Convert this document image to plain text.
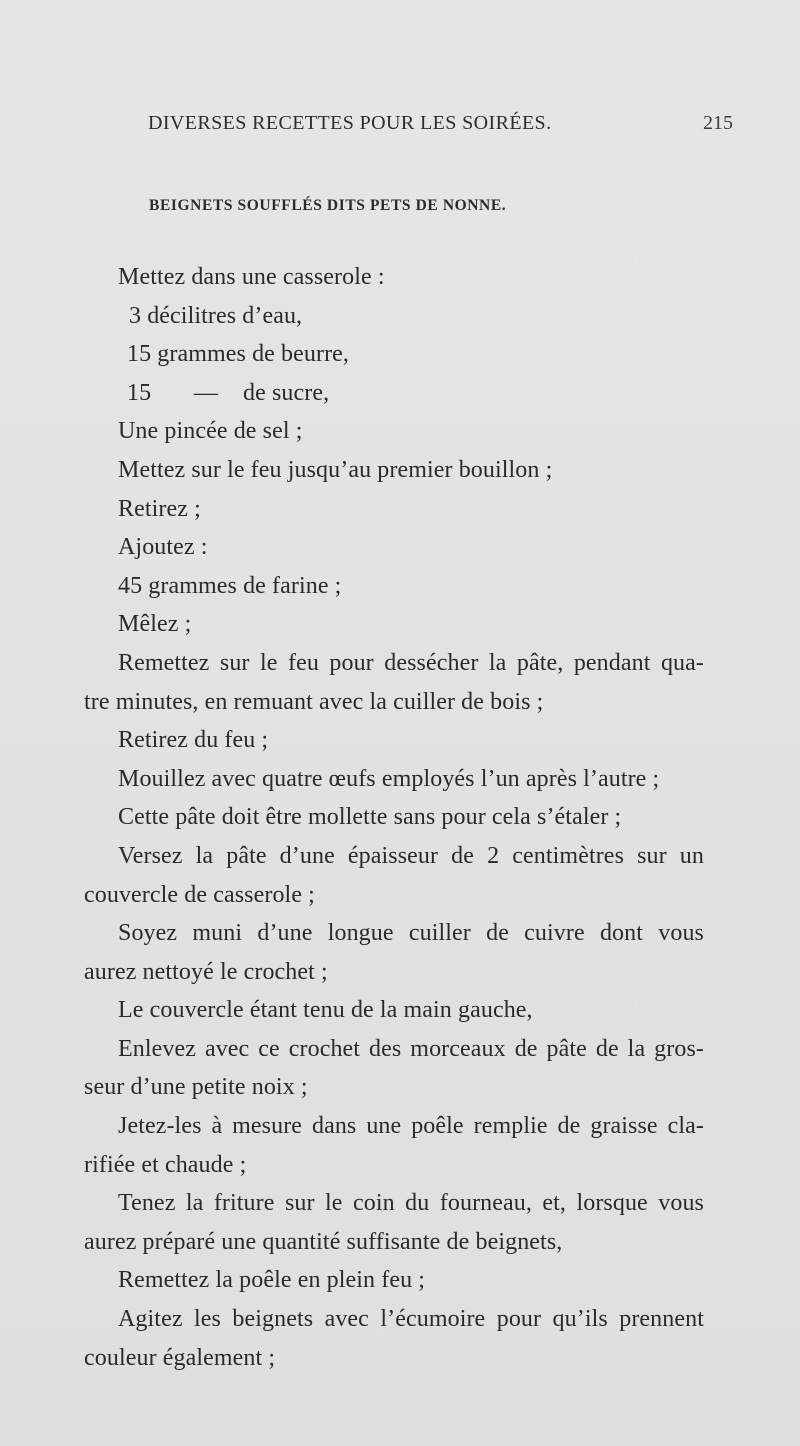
DIVERSES RECETTES POUR LES SOIRÉES.	215
BEIGNETS SOUFFLÉS DITS PETS DE NONNE.
Mettez dans une casserole :
3 décilitres d’eau,
15 grammes de beurre,
15	—	de sucre,
Une pincée de sel ;
Mettez sur le feu jusqu’au premier bouillon ;
Retirez ;
Ajoutez :
45 grammes de farine ;
Mêlez ;
Remettez sur le feu pour dessécher la pâte, pendant qua-
tre minutes, en remuant avec la cuiller de bois ;
Retirez du feu ;
Mouillez avec quatre œufs employés l’un après l’autre ;
Cette pâte doit être mollette sans pour cela s’étaler ;
Versez la pâte d’une épaisseur de 2 centimètres sur un
couvercle de casserole ;
Soyez muni d’une longue cuiller de cuivre dont vous
aurez nettoyé le crochet ;
Le couvercle étant tenu de la main gauche,
Enlevez avec ce crochet des morceaux de pâte de la gros-
seur d’une petite noix ;
Jetez-les à mesure dans une poêle remplie de graisse cla-
rifiée et chaude ;
Tenez la friture sur le coin du fourneau, et, lorsque vous
aurez préparé une quantité suffisante de beignets,
Remettez la poêle en plein feu ;
Agitez les beignets avec l’écumoire pour qu’ils prennent
couleur également ;
